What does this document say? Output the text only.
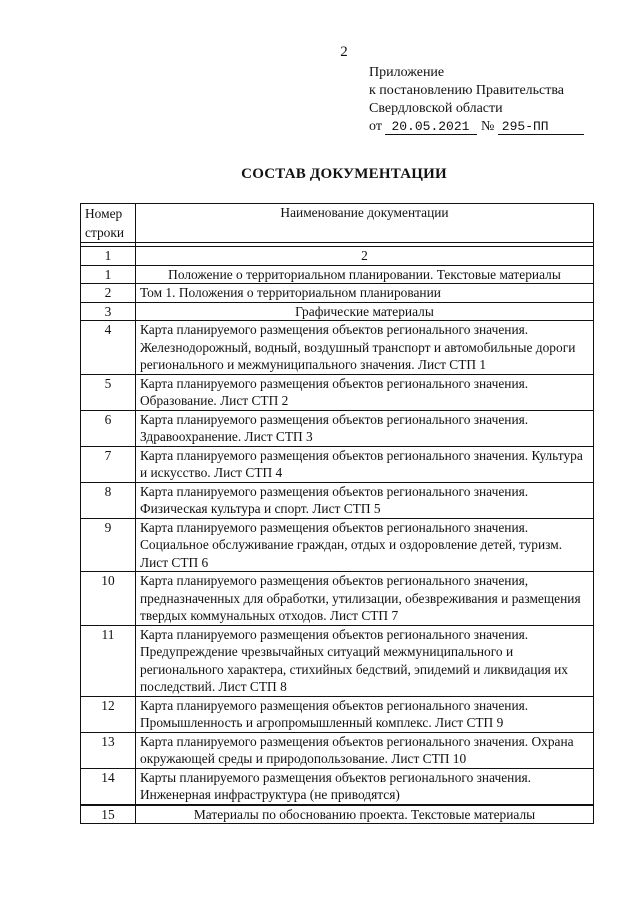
2
Приложение
к постановлению Правительства
Свердловской области
от 20.05.2021 № 295-ПП
СОСТАВ ДОКУМЕНТАЦИИ
Номер строки	Наименование документации

1	2
1	Положение о территориальном планировании. Текстовые материалы
2	Том 1. Положения о территориальном планировании
3	Графические материалы
4	Карта планируемого размещения объектов регионального значения. Железнодорожный, водный, воздушный транспорт и автомобильные дороги регионального и межмуниципального значения. Лист СТП 1
5	Карта планируемого размещения объектов регионального значения. Образование. Лист СТП 2
6	Карта планируемого размещения объектов регионального значения. Здравоохранение. Лист СТП 3
7	Карта планируемого размещения объектов регионального значения. Культура и искусство. Лист СТП 4
8	Карта планируемого размещения объектов регионального значения. Физическая культура и спорт. Лист СТП 5
9	Карта планируемого размещения объектов регионального значения. Социальное обслуживание граждан, отдых и оздоровление детей, туризм. Лист СТП 6
10	Карта планируемого размещения объектов регионального значения, предназначенных для обработки, утилизации, обезвреживания и размещения твердых коммунальных отходов. Лист СТП 7
11	Карта планируемого размещения объектов регионального значения. Предупреждение чрезвычайных ситуаций межмуниципального и регионального характера, стихийных бедствий, эпидемий и ликвидация их последствий. Лист СТП 8
12	Карта планируемого размещения объектов регионального значения. Промышленность и агропромышленный комплекс. Лист СТП 9
13	Карта планируемого размещения объектов регионального значения. Охрана окружающей среды и природопользование. Лист СТП 10
14	Карты планируемого размещения объектов регионального значения. Инженерная инфраструктура (не приводятся)
15	Материалы по обоснованию проекта. Текстовые материалы
